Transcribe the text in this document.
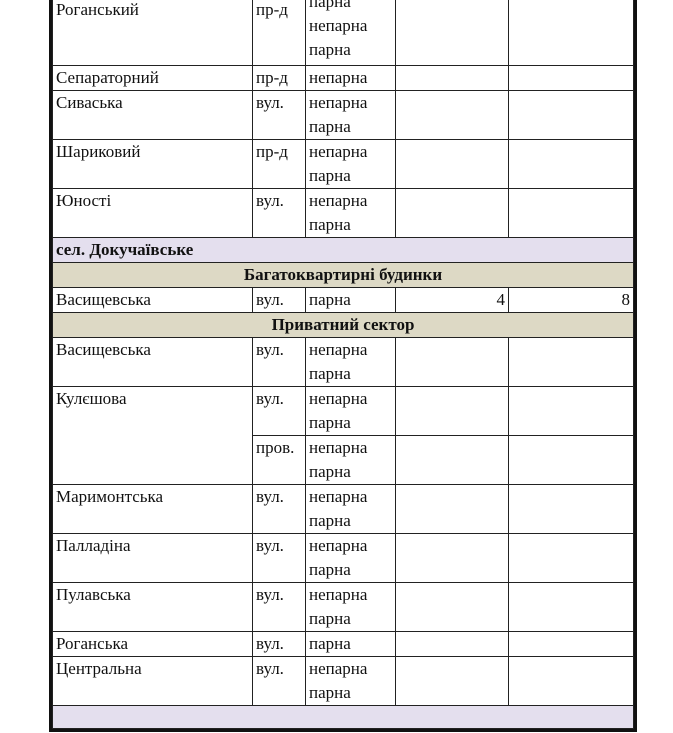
Роганський	пр-д	парна
непарна
парна		

Сепараторний	пр-д	непарна		

Сиваська	вул.	непарна
парна		

Шариковий	пр-д	непарна
парна		

Юності	вул.	непарна
парна		

сел. Докучаївське				
Багатоквартирні будинки				
Васищевська	вул.	парна	4	8
Приватний сектор				
Васищевська	вул.	непарна
парна		

Кулєшова	вул.	непарна
парна		

	пров.	непарна
парна		

Маримонтська	вул.	непарна
парна		

Палладіна	вул.	непарна
парна		

Пулавська	вул.	непарна
парна		

Роганська	вул.	парна		

Центральна	вул.	непарна
парна		
